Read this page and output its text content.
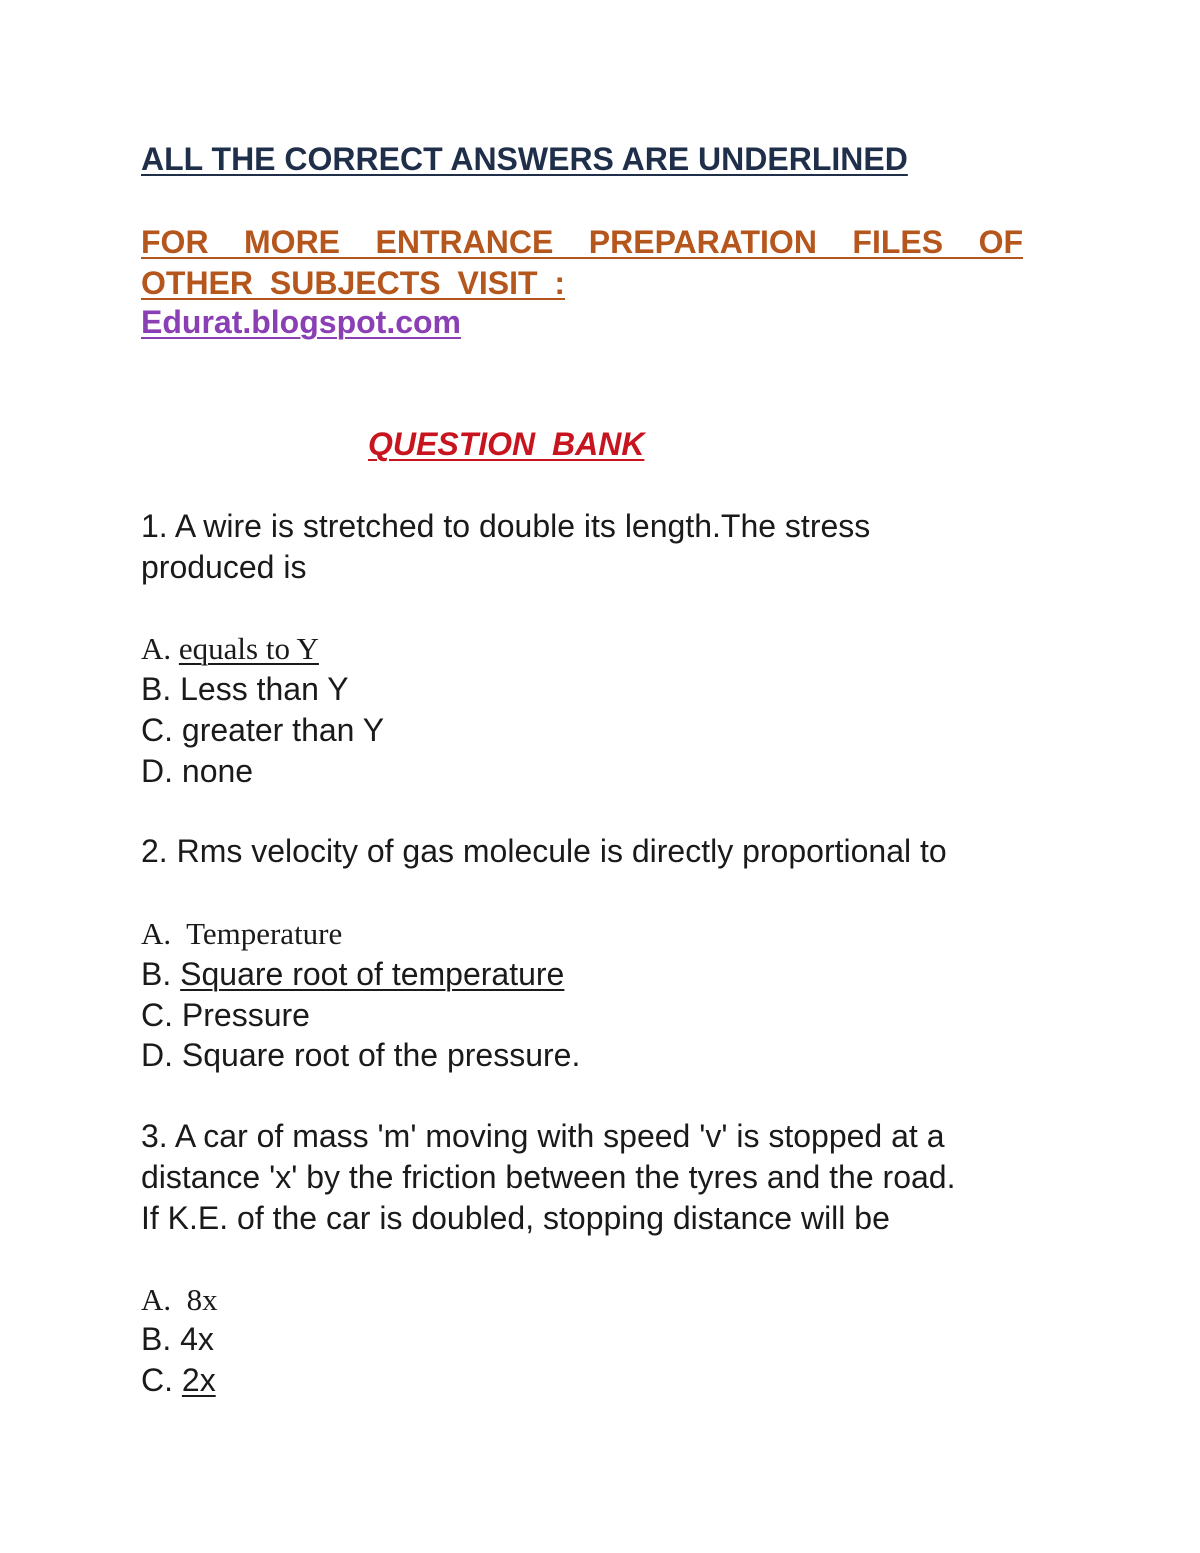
ALL THE CORRECT ANSWERS ARE UNDERLINED
FOR MORE ENTRANCE PREPARATION FILES OF
OTHER SUBJECTS VISIT :
Edurat.blogspot.com
QUESTION BANK
1. A wire is stretched to double its length.The stress
produced is
A. equals to Y
B. Less than Y
C. greater than Y
D. none
2. Rms velocity of gas molecule is directly proportional to
A.  Temperature
B. Square root of temperature
C. Pressure
D. Square root of the pressure.
3. A car of mass 'm' moving with speed 'v' is stopped at a
distance 'x' by the friction between the tyres and the road.
If K.E. of the car is doubled, stopping distance will be
A.  8x
B. 4x
C. 2x
